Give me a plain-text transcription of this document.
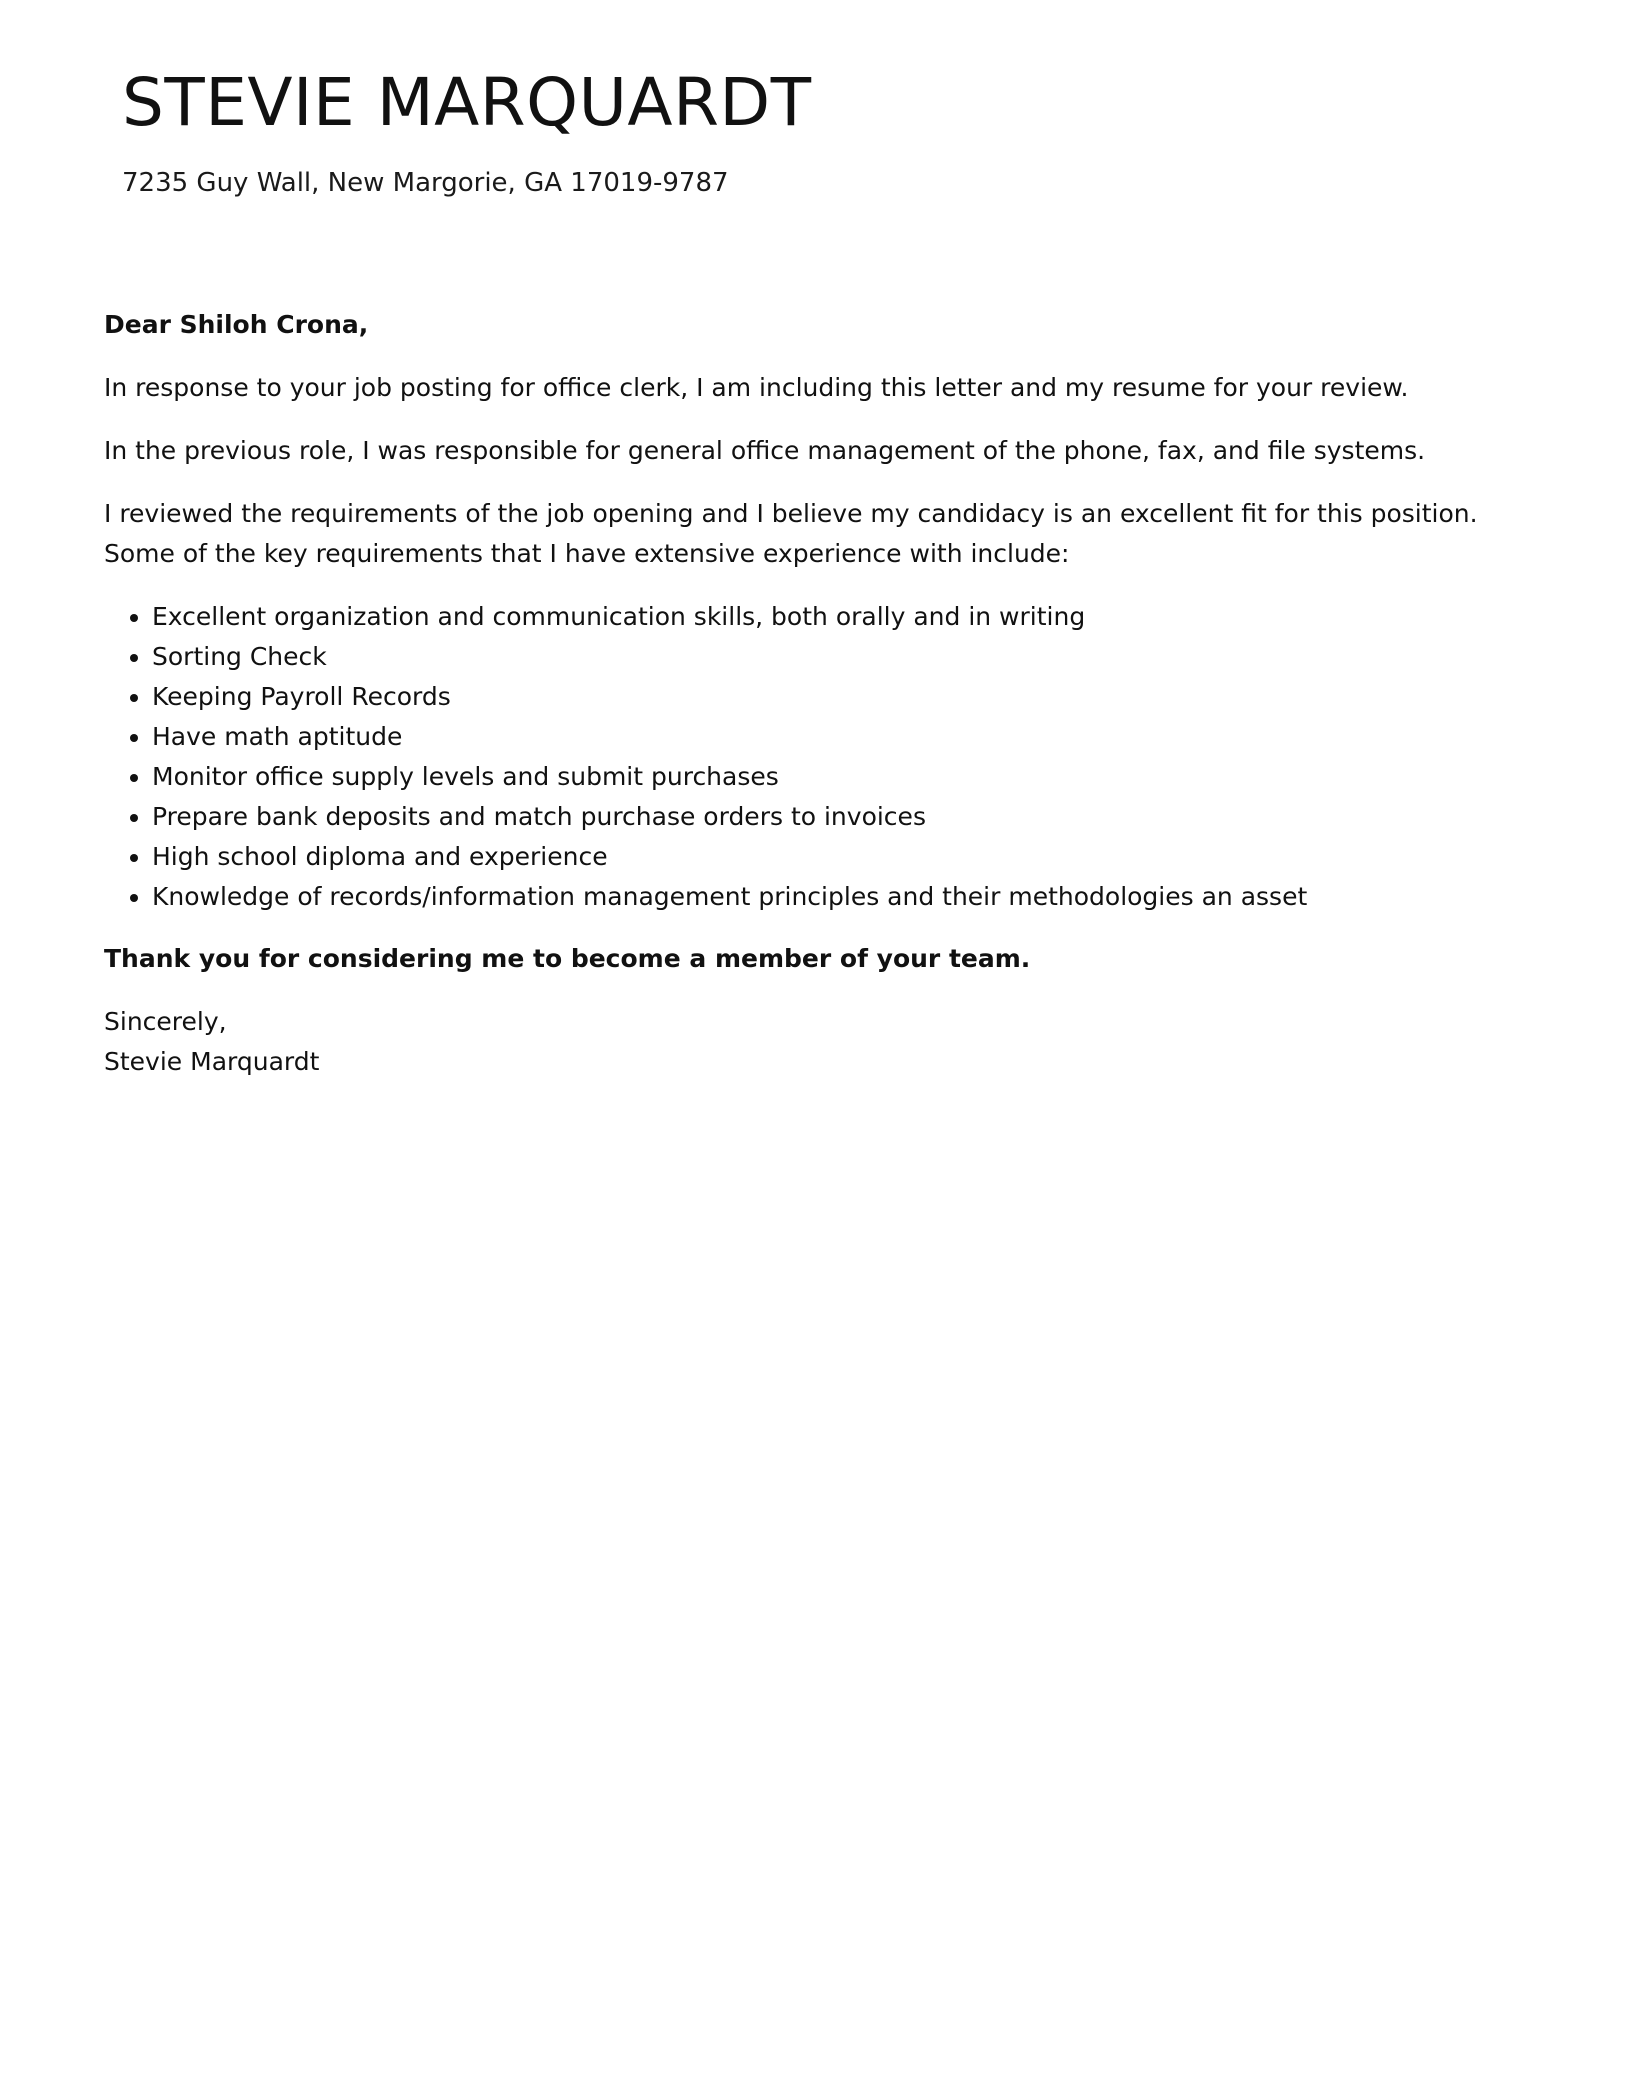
STEVIE MARQUARDT
7235 Guy Wall, New Margorie, GA 17019-9787

Dear Shiloh Crona,

In response to your job posting for office clerk, I am including this letter and my resume for your review.

In the previous role, I was responsible for general office management of the phone, fax, and file systems.

I reviewed the requirements of the job opening and I believe my candidacy is an excellent fit for this position. Some of the key requirements that I have extensive experience with include:

• Excellent organization and communication skills, both orally and in writing
• Sorting Check
• Keeping Payroll Records
• Have math aptitude
• Monitor office supply levels and submit purchases
• Prepare bank deposits and match purchase orders to invoices
• High school diploma and experience
• Knowledge of records/information management principles and their methodologies an asset

Thank you for considering me to become a member of your team.

Sincerely,
Stevie Marquardt
